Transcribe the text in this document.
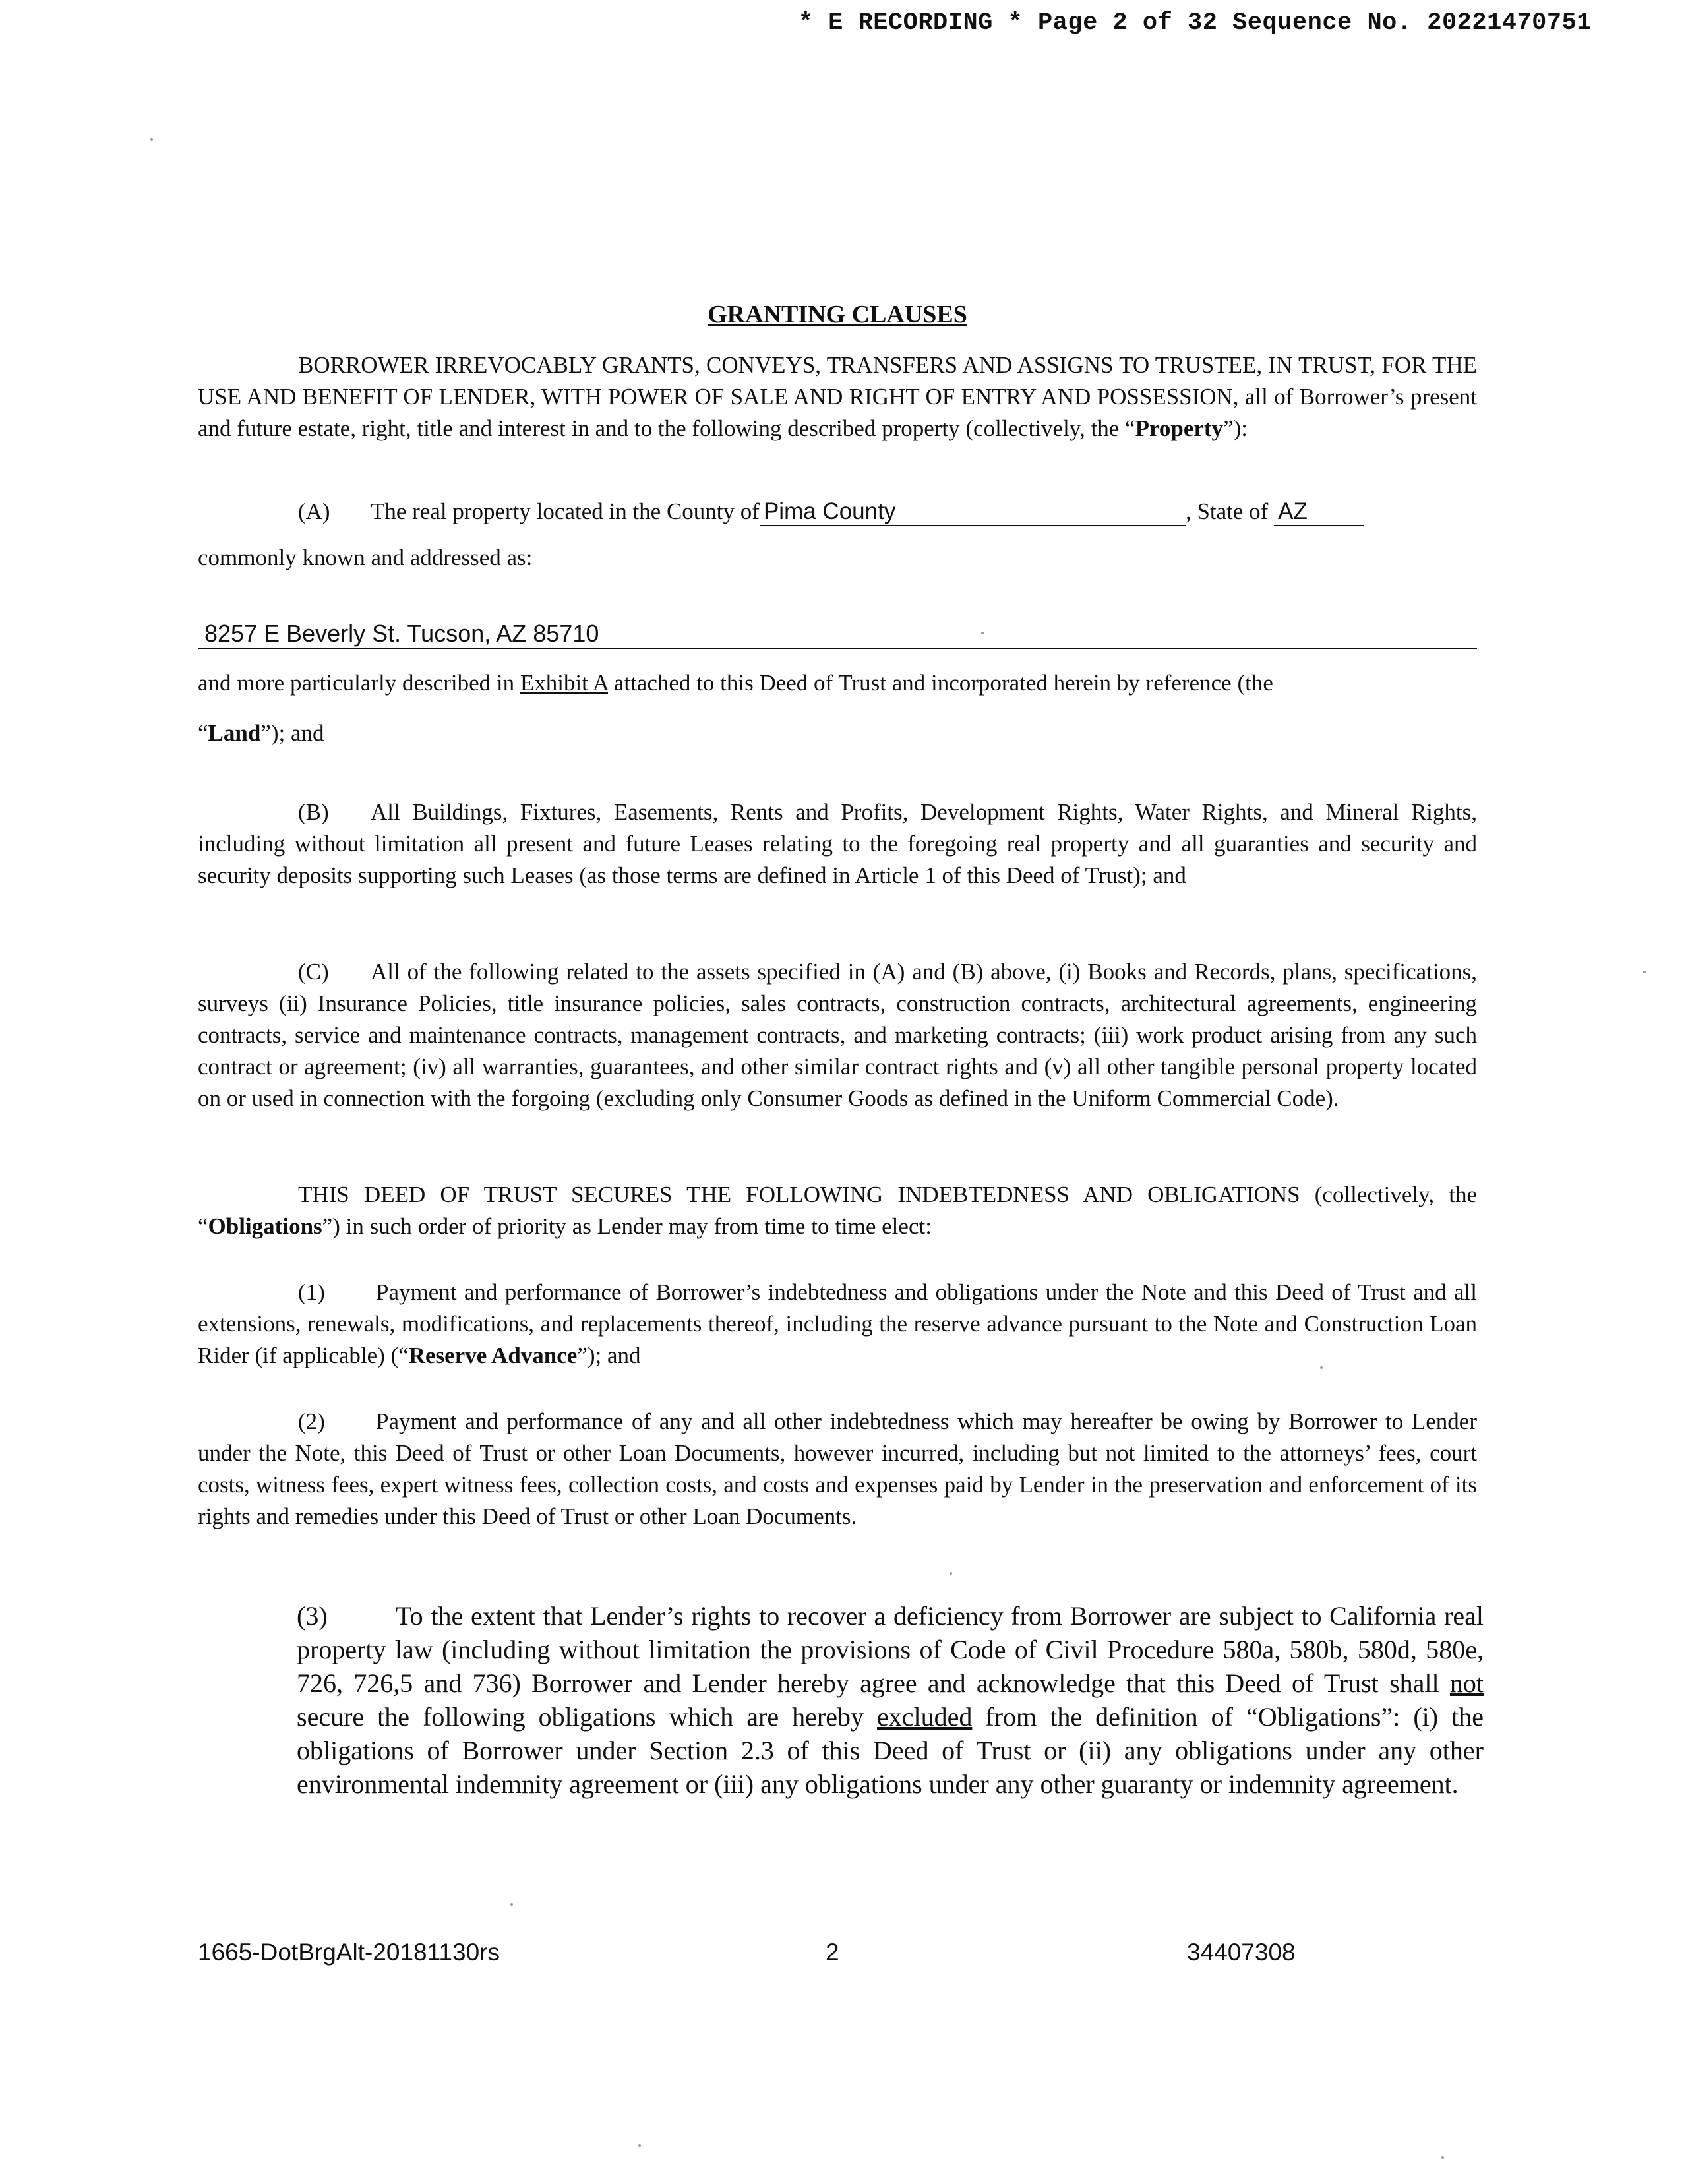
* E RECORDING * Page 2 of 32 Sequence No. 20221470751
GRANTING CLAUSES
BORROWER IRREVOCABLY GRANTS, CONVEYS, TRANSFERS AND ASSIGNS TO TRUSTEE, IN TRUST, FOR THE USE AND BENEFIT OF LENDER, WITH POWER OF SALE AND RIGHT OF ENTRY AND POSSESSION, all of Borrower’s present and future estate, right, title and interest in and to the following described property (collectively, the “Property”):
(A) The real property located in the County of Pima County	, State of AZ
commonly known and addressed as:
8257 E Beverly St. Tucson, AZ 85710
and more particularly described in Exhibit A attached to this Deed of Trust and incorporated herein by reference (the
“Land”); and
(B) All Buildings, Fixtures, Easements, Rents and Profits, Development Rights, Water Rights, and Mineral Rights, including without limitation all present and future Leases relating to the foregoing real property and all guaranties and security and security deposits supporting such Leases (as those terms are defined in Article 1 of this Deed of Trust); and
(C) All of the following related to the assets specified in (A) and (B) above, (i) Books and Records, plans, specifications, surveys (ii) Insurance Policies, title insurance policies, sales contracts, construction contracts, architectural agreements, engineering contracts, service and maintenance contracts, management contracts, and marketing contracts; (iii) work product arising from any such contract or agreement; (iv) all warranties, guarantees, and other similar contract rights and (v) all other tangible personal property located on or used in connection with the forgoing (excluding only Consumer Goods as defined in the Uniform Commercial Code).
THIS DEED OF TRUST SECURES THE FOLLOWING INDEBTEDNESS AND OBLIGATIONS (collectively, the “Obligations”) in such order of priority as Lender may from time to time elect:
(1) Payment and performance of Borrower’s indebtedness and obligations under the Note and this Deed of Trust and all extensions, renewals, modifications, and replacements thereof, including the reserve advance pursuant to the Note and Construction Loan Rider (if applicable) (“Reserve Advance”); and
(2) Payment and performance of any and all other indebtedness which may hereafter be owing by Borrower to Lender under the Note, this Deed of Trust or other Loan Documents, however incurred, including but not limited to the attorneys’ fees, court costs, witness fees, expert witness fees, collection costs, and costs and expenses paid by Lender in the preservation and enforcement of its rights and remedies under this Deed of Trust or other Loan Documents.
(3)	To the extent that Lender’s rights to recover a deficiency from Borrower are subject to California real property law (including without limitation the provisions of Code of Civil Procedure 580a, 580b, 580d, 580e, 726, 726,5 and 736) Borrower and Lender hereby agree and acknowledge that this Deed of Trust shall not secure the following obligations which are hereby excluded from the definition of “Obligations”: (i) the obligations of Borrower under Section 2.3 of this Deed of Trust or (ii) any obligations under any other environmental indemnity agreement or (iii) any obligations under any other guaranty or indemnity agreement.
1665-DotBrgAlt-20181130rs	2	34407308
